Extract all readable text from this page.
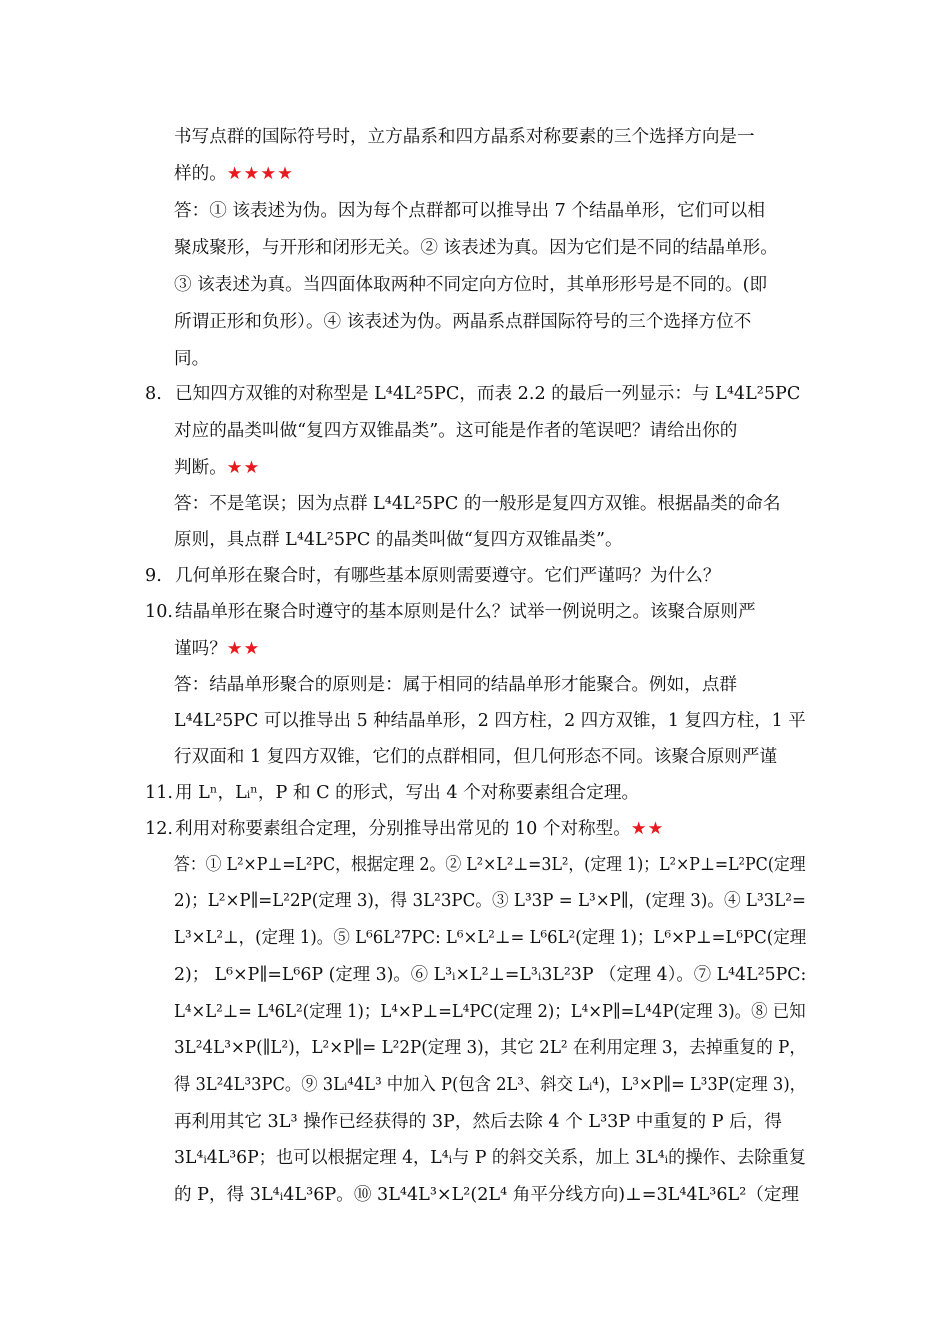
书写点群的国际符号时，立方晶系和四方晶系对称要素的三个选择方向是一
样的。★★★★
答：① 该表述为伪。因为每个点群都可以推导出 7 个结晶单形，它们可以相
聚成聚形，与开形和闭形无关。② 该表述为真。因为它们是不同的结晶单形。
③ 该表述为真。当四面体取两种不同定向方位时，其单形形号是不同的。(即
所谓正形和负形）。④ 该表述为伪。两晶系点群国际符号的三个选择方位不
同。
8. 已知四方双锥的对称型是 L⁴4L²5PC，而表 2.2 的最后一列显示：与 L⁴4L²5PC
对应的晶类叫做“复四方双锥晶类”。这可能是作者的笔误吧？请给出你的
判断。★★
答：不是笔误；因为点群 L⁴4L²5PC 的一般形是复四方双锥。根据晶类的命名
原则，具点群 L⁴4L²5PC 的晶类叫做“复四方双锥晶类”。
9. 几何单形在聚合时，有哪些基本原则需要遵守。它们严谨吗？为什么？
10. 结晶单形在聚合时遵守的基本原则是什么？试举一例说明之。该聚合原则严
谨吗？★★
答：结晶单形聚合的原则是：属于相同的结晶单形才能聚合。例如，点群
L⁴4L²5PC 可以推导出 5 种结晶单形，2 四方柱，2 四方双锥，1 复四方柱，1 平
行双面和 1 复四方双锥，它们的点群相同，但几何形态不同。该聚合原则严谨
11. 用 Lⁿ，Lᵢⁿ，P 和 C 的形式，写出 4 个对称要素组合定理。
12. 利用对称要素组合定理，分别推导出常见的 10 个对称型。★★
答：① L²×P⊥=L²PC，根据定理 2。② L²×L²⊥=3L²，(定理 1)；L²×P⊥=L²PC(定理
2)；L²×P∥=L²2P(定理 3)，得 3L²3PC。③ L³3P = L³×P∥，(定理 3)。④ L³3L²=
L³×L²⊥，(定理 1)。⑤ L⁶6L²7PC: L⁶×L²⊥= L⁶6L²(定理 1)；L⁶×P⊥=L⁶PC(定理
2)； L⁶×P∥=L⁶6P (定理 3)。⑥ L³ᵢ×L²⊥=L³ᵢ3L²3P （定理 4）。⑦ L⁴4L²5PC:
L⁴×L²⊥= L⁴6L²(定理 1)；L⁴×P⊥=L⁴PC(定理 2)；L⁴×P∥=L⁴4P(定理 3)。⑧ 已知
3L²4L³×P(∥L²)，L²×P∥= L²2P(定理 3)，其它 2L² 在利用定理 3，去掉重复的 P，
得 3L²4L³3PC。⑨ 3Lᵢ⁴4L³ 中加入 P(包含 2L³、斜交 Lᵢ⁴)，L³×P∥= L³3P(定理 3)，
再利用其它 3L³ 操作已经获得的 3P，然后去除 4 个 L³3P 中重复的 P 后，得
3L⁴ᵢ4L³6P；也可以根据定理 4，L⁴ᵢ与 P 的斜交关系，加上 3L⁴ᵢ的操作、去除重复
的 P，得 3L⁴ᵢ4L³6P。⑩ 3L⁴4L³×L²(2L⁴ 角平分线方向)⊥=3L⁴4L³6L²（定理
